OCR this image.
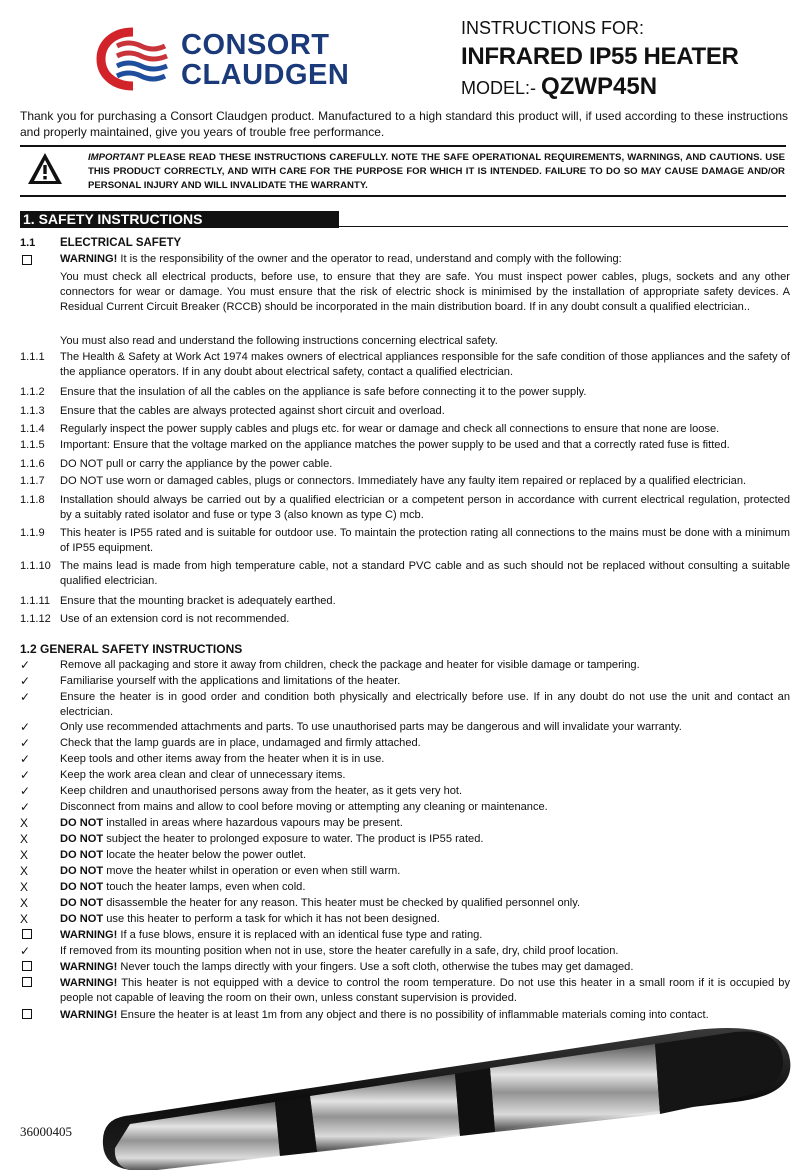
CONSORT
CLAUDGEN
INSTRUCTIONS FOR:
INFRARED IP55 HEATER
MODEL:- QZWP45N
Thank you for purchasing a Consort Claudgen product. Manufactured to a high standard this product will, if used according to these instructions and properly maintained, give you years of trouble free performance.
IMPORTANT PLEASE READ THESE INSTRUCTIONS CAREFULLY. NOTE THE SAFE OPERATIONAL REQUIREMENTS, WARNINGS, AND CAUTIONS. USE THIS PRODUCT CORRECTLY, AND WITH CARE FOR THE PURPOSE FOR WHICH IT IS INTENDED. FAILURE TO DO SO MAY CAUSE DAMAGE AND/OR PERSONAL INJURY AND WILL INVALIDATE THE WARRANTY.
1. SAFETY INSTRUCTIONS
1.1 ELECTRICAL SAFETY
WARNING! It is the responsibility of the owner and the operator to read, understand and comply with the following:
You must check all electrical products, before use, to ensure that they are safe. You must inspect power cables, plugs, sockets and any other connectors for wear or damage. You must ensure that the risk of electric shock is minimised by the installation of appropriate safety devices. A Residual Current Circuit Breaker (RCCB) should be incorporated in the main distribution board. If in any doubt consult a qualified electrician..
You must also read and understand the following instructions concerning electrical safety.
1.1.1 The Health & Safety at Work Act 1974 makes owners of electrical appliances responsible for the safe condition of those appliances and the safety of the appliance operators. If in any doubt about electrical safety, contact a qualified electrician.
1.1.2 Ensure that the insulation of all the cables on the appliance is safe before connecting it to the power supply.
1.1.3 Ensure that the cables are always protected against short circuit and overload.
1.1.4 Regularly inspect the power supply cables and plugs etc. for wear or damage and check all connections to ensure that none are loose.
1.1.5 Important: Ensure that the voltage marked on the appliance matches the power supply to be used and that a correctly rated fuse is fitted.
1.1.6 DO NOT pull or carry the appliance by the power cable.
1.1.7 DO NOT use worn or damaged cables, plugs or connectors. Immediately have any faulty item repaired or replaced by a qualified electrician.
1.1.8 Installation should always be carried out by a qualified electrician or a competent person in accordance with current electrical regulation, protected by a suitably rated isolator and fuse or type 3 (also known as type C) mcb.
1.1.9 This heater is IP55 rated and is suitable for outdoor use. To maintain the protection rating all connections to the mains must be done with a minimum of IP55 equipment.
1.1.10 The mains lead is made from high temperature cable, not a standard PVC cable and as such should not be replaced without consulting a suitable qualified electrician.
1.1.11 Ensure that the mounting bracket is adequately earthed.
1.1.12 Use of an extension cord is not recommended.
1.2 GENERAL SAFETY INSTRUCTIONS
✓	Remove all packaging and store it away from children, check the package and heater for visible damage or tampering.
✓	Familiarise yourself with the applications and limitations of the heater.
✓	Ensure the heater is in good order and condition both physically and electrically before use. If in any doubt do not use the unit and contact an electrician.
✓	Only use recommended attachments and parts. To use unauthorised parts may be dangerous and will invalidate your warranty.
✓	Check that the lamp guards are in place, undamaged and firmly attached.
✓	Keep tools and other items away from the heater when it is in use.
✓	Keep the work area clean and clear of unnecessary items.
✓	Keep children and unauthorised persons away from the heater, as it gets very hot.
✓	Disconnect from mains and allow to cool before moving or attempting any cleaning or maintenance.
X	DO NOT installed in areas where hazardous vapours may be present.
X	DO NOT subject the heater to prolonged exposure to water. The product is IP55 rated.
X	DO NOT locate the heater below the power outlet.
X	DO NOT move the heater whilst in operation or even when still warm.
X	DO NOT touch the heater lamps, even when cold.
X	DO NOT disassemble the heater for any reason. This heater must be checked by qualified personnel only.
X	DO NOT use this heater to perform a task for which it has not been designed.
WARNING! If a fuse blows, ensure it is replaced with an identical fuse type and rating.
✓	If removed from its mounting position when not in use, store the heater carefully in a safe, dry, child proof location.
WARNING! Never touch the lamps directly with your fingers. Use a soft cloth, otherwise the tubes may get damaged.
WARNING! This heater is not equipped with a device to control the room temperature. Do not use this heater in a small room if it is occupied by people not capable of leaving the room on their own, unless constant supervision is provided.
WARNING! Ensure the heater is at least 1m from any object and there is no possibility of inflammable materials coming into contact.
36000405
